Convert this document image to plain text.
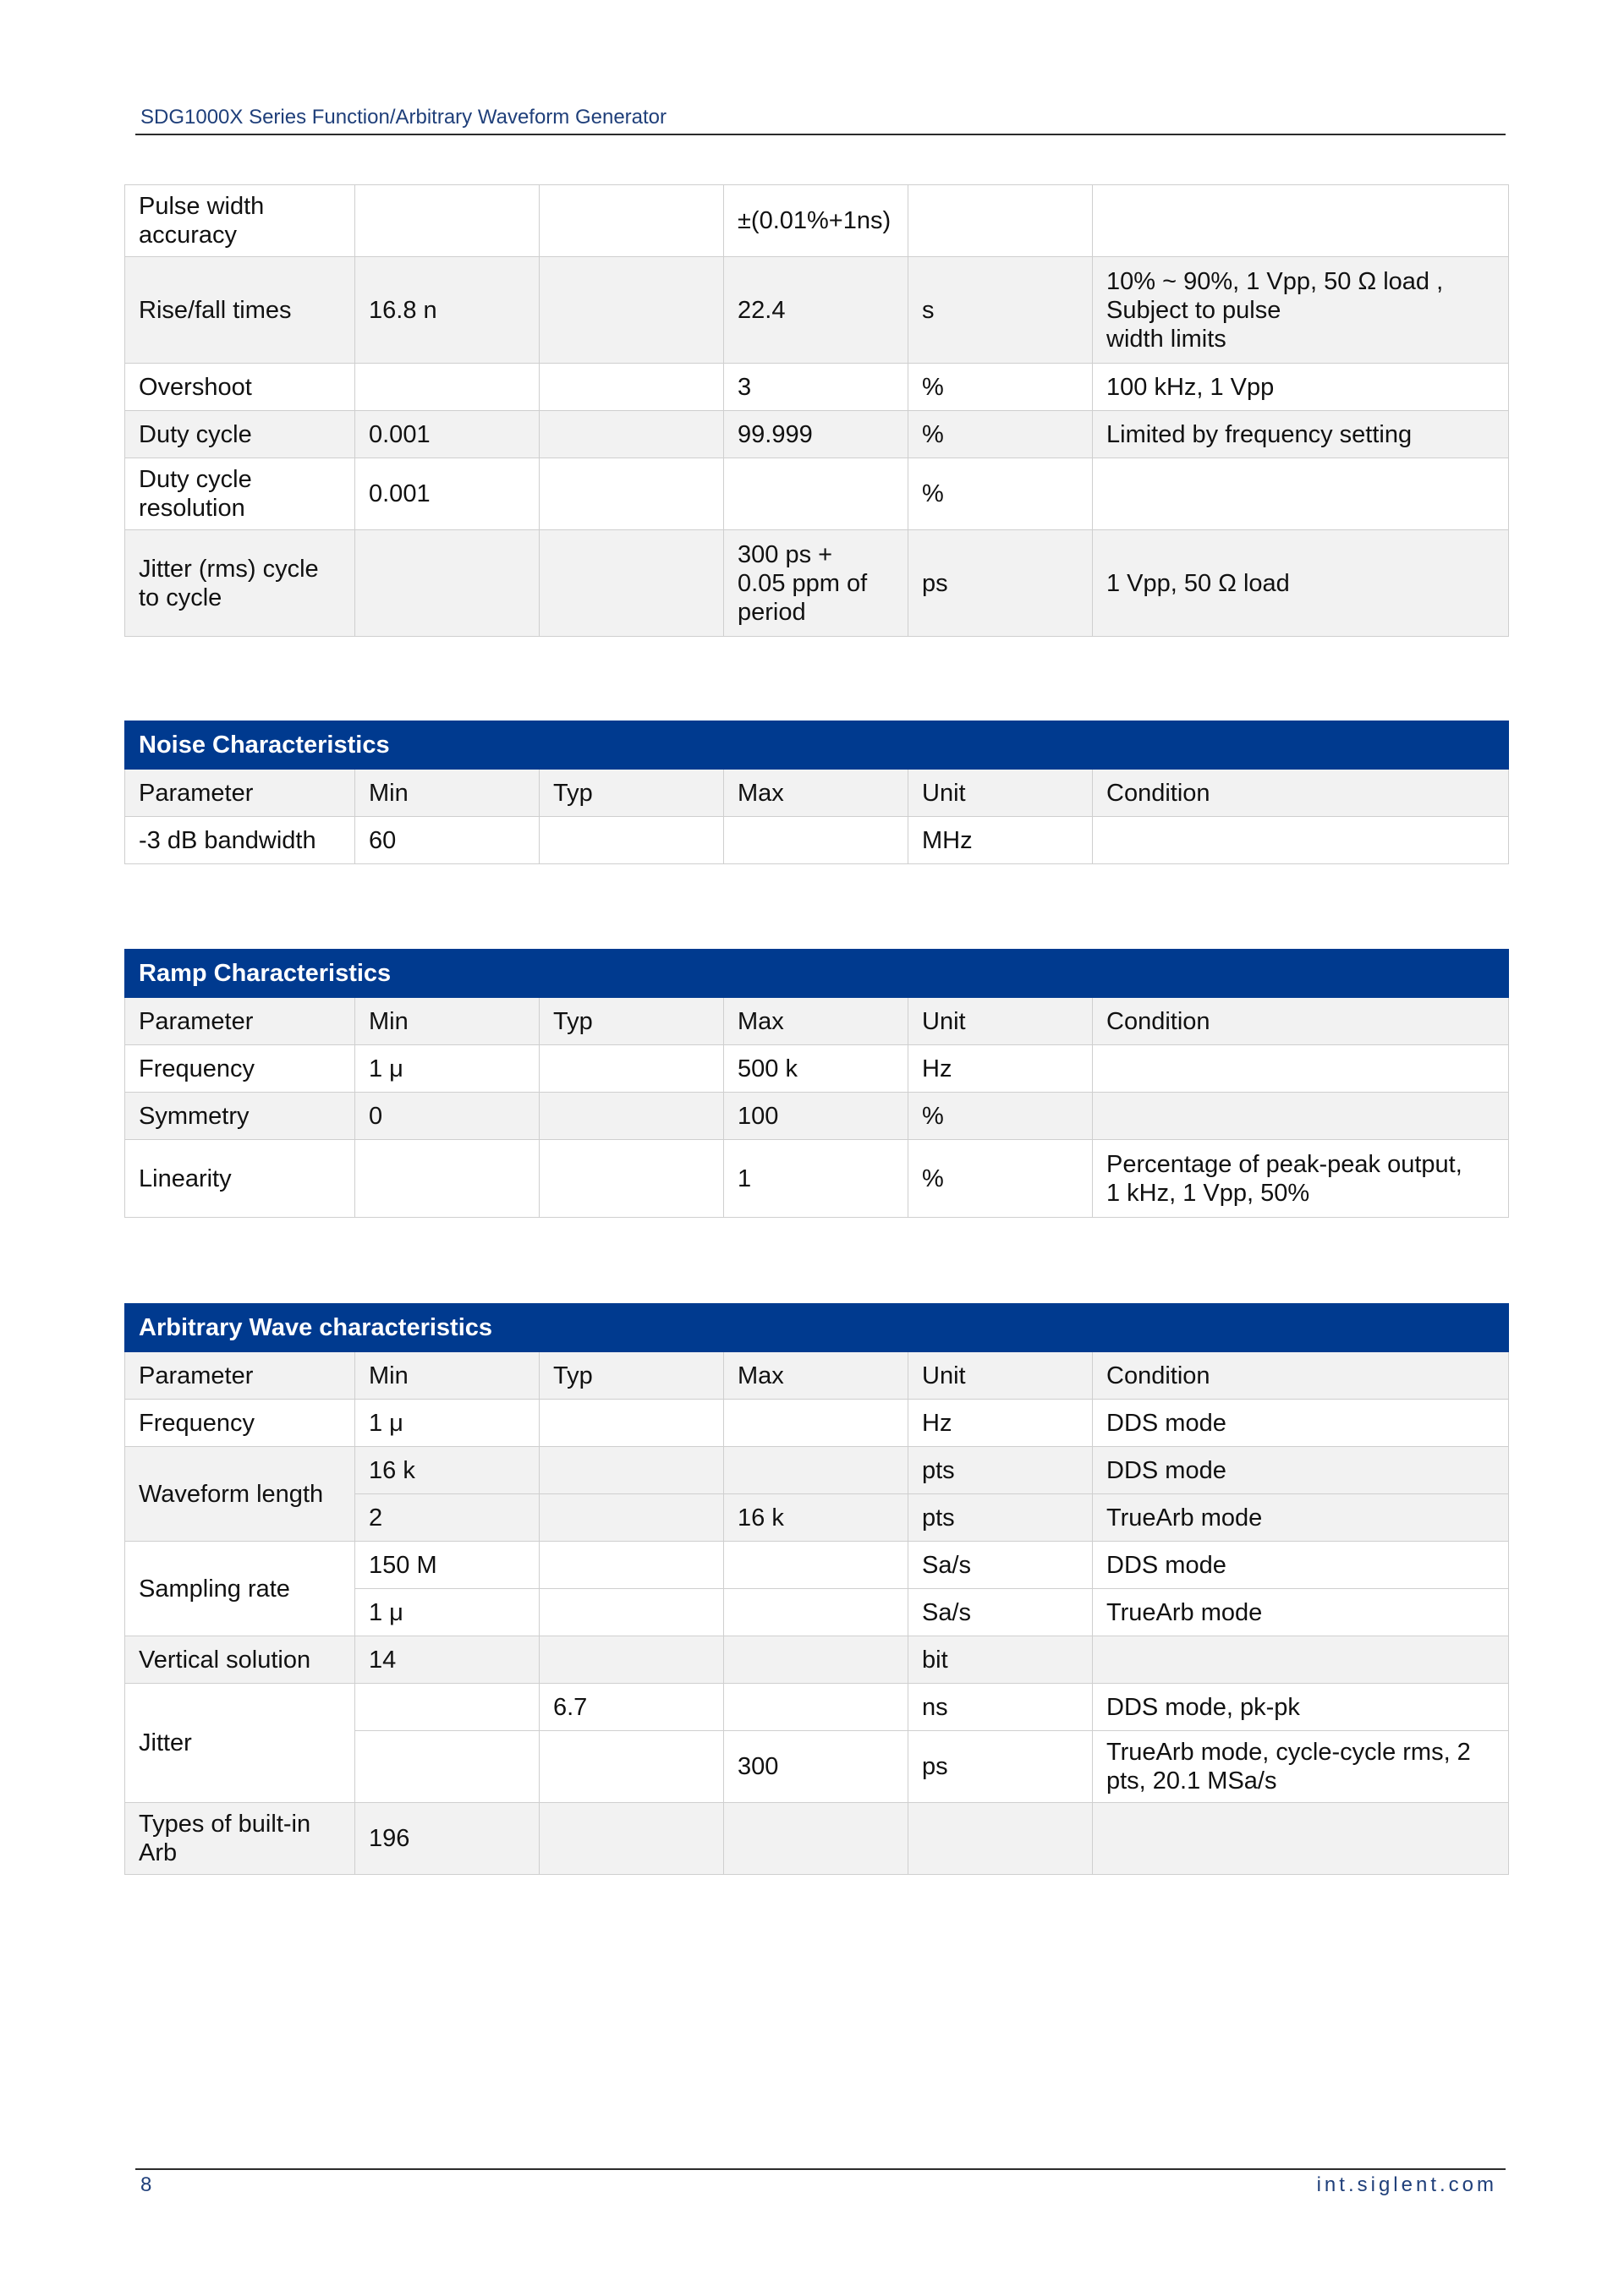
SDG1000X Series Function/Arbitrary Waveform Generator
Pulse width
accuracy			±(0.01%+1ns)		
Rise/fall times	16.8 n		22.4	s	10% ~ 90%, 1 Vpp, 50 Ω load ,
Subject to pulse
width limits
Overshoot			3	%	100 kHz, 1 Vpp
Duty cycle	0.001		99.999	%	Limited by frequency setting
Duty cycle
resolution	0.001			%	
Jitter (rms) cycle
to cycle			300 ps +
0.05 ppm of
period	ps	1 Vpp, 50 Ω load
Noise Characteristics					
Parameter	Min	Typ	Max	Unit	Condition
-3 dB bandwidth	60			MHz	
Ramp Characteristics					
Parameter	Min	Typ	Max	Unit	Condition
Frequency	1 μ		500 k	Hz	
Symmetry	0		100	%	
Linearity			1	%	Percentage of peak-peak output,
1 kHz, 1 Vpp, 50%
Arbitrary Wave characteristics					
Parameter	Min	Typ	Max	Unit	Condition
Frequency	1 μ			Hz	DDS mode
Waveform length	16 k			pts	DDS mode
	2		16 k	pts	TrueArb mode
Sampling rate	150 M			Sa/s	DDS mode
	1 μ			Sa/s	TrueArb mode
Vertical solution	14			bit	
Jitter		6.7		ns	DDS mode, pk-pk
			300	ps	TrueArb mode, cycle-cycle rms, 2
pts, 20.1 MSa/s
Types of built-in
Arb	196				
8	int.siglent.com
